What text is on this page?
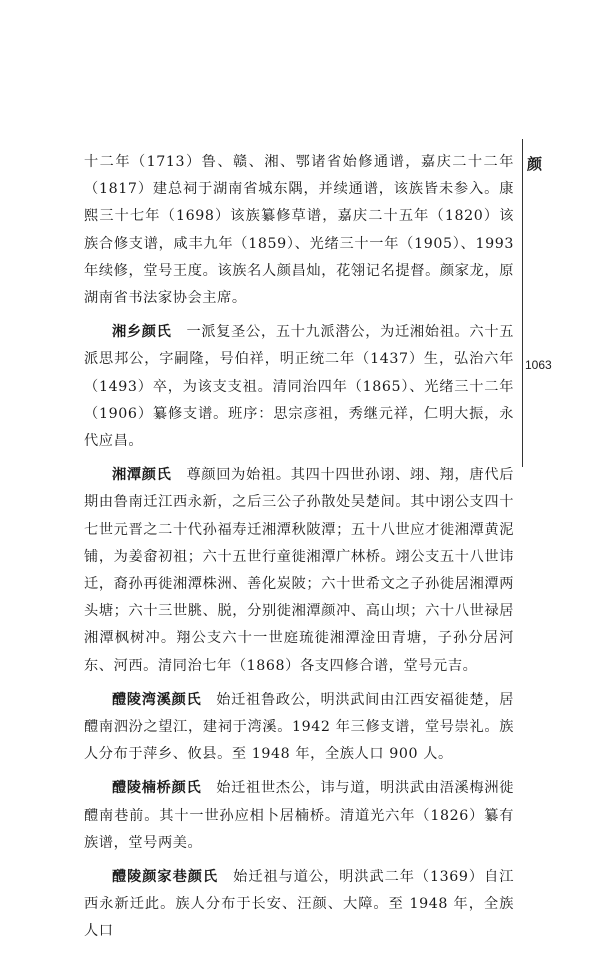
颜
1063

十二年（1713）鲁、赣、湘、鄂诸省始修通谱，嘉庆二十二年（1817）建总祠于湖南省城东隅，并续通谱，该族皆未参入。康熙三十七年（1698）该族纂修草谱，嘉庆二十五年（1820）该族合修支谱，咸丰九年（1859）、光绪三十一年（1905）、1993 年续修，堂号王度。该族名人颜昌灿，花翎记名提督。颜家龙，原湖南省书法家协会主席。

湘乡颜氏　 一派复圣公，五十九派潜公，为迁湘始祖。六十五派思邦公，字嗣隆，号伯祥，明正统二年（1437）生，弘治六年（1493）卒，为该支支祖。清同治四年（1865）、光绪三十二年（1906）纂修支谱。班序：思宗彦祖，秀继元祥，仁明大振，永代应昌。

湘潭颜氏　 尊颜回为始祖。其四十四世孙诩、翊、翔，唐代后期由鲁南迁江西永新，之后三公子孙散处吴楚间。其中诩公支四十七世元晋之二十代孙福寿迁湘潭秋陂潭；五十八世应才徙湘潭黄泥铺，为姜畲初祖；六十五世行童徙湘潭广林桥。翊公支五十八世讳迁，裔孙再徙湘潭株洲、善化炭陂；六十世希文之子孙徙居湘潭两头塘；六十三世脁、脱，分别徙湘潭颜冲、高山坝；六十八世禄居湘潭枫树冲。翔公支六十一世庭琉徙湘潭淦田青塘，子孙分居河东、河西。清同治七年（1868）各支四修合谱，堂号元吉。

醴陵湾溪颜氏　 始迁祖鲁政公，明洪武间由江西安福徙楚，居醴南泗汾之望江，建祠于湾溪。1942 年三修支谱，堂号崇礼。族人分布于萍乡、攸县。至 1948 年，全族人口 900 人。

醴陵楠桥颜氏　 始迁祖世杰公，讳与道，明洪武由浯溪梅洲徙醴南巷前。其十一世孙应相卜居楠桥。清道光六年（1826）纂有族谱，堂号两美。

醴陵颜家巷颜氏　 始迁祖与道公，明洪武二年（1369）自江西永新迁此。族人分布于长安、汪颜、大障。至 1948 年，全族人口
